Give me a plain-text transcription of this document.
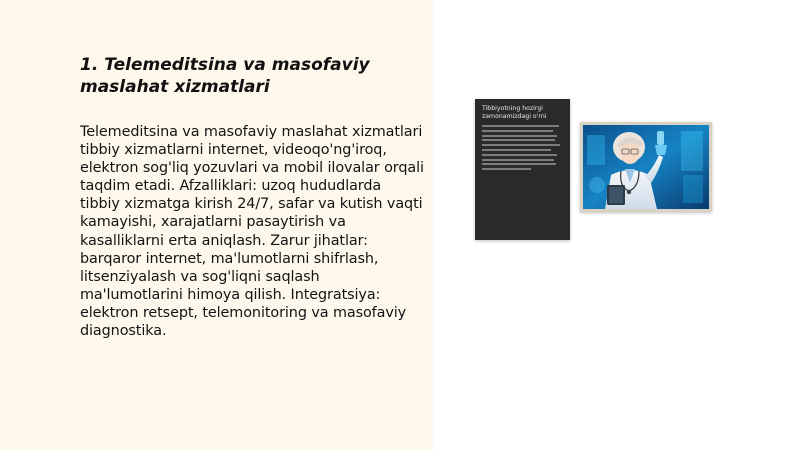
1. Telemeditsina va masofaviy maslahat xizmatlari

Telemeditsina va masofaviy maslahat xizmatlari tibbiy xizmatlarni internet, videoqo'ng'iroq, elektron sog'liq yozuvlari va mobil ilovalar orqali taqdim etadi. Afzalliklari: uzoq hududlarda tibbiy xizmatga kirish 24/7, safar va kutish vaqti kamayishi, xarajatlarni pasaytirish va kasalliklarni erta aniqlash. Zarur jihatlar: barqaror internet, ma'lumotlarni shifrlash, litsenziyalash va sog'liqni saqlash ma'lumotlarini himoya qilish. Integratsiya: elektron retsept, telemonitoring va masofaviy diagnostika.

Tibbiyotning hozirgi zamonamizdagi o'rni
